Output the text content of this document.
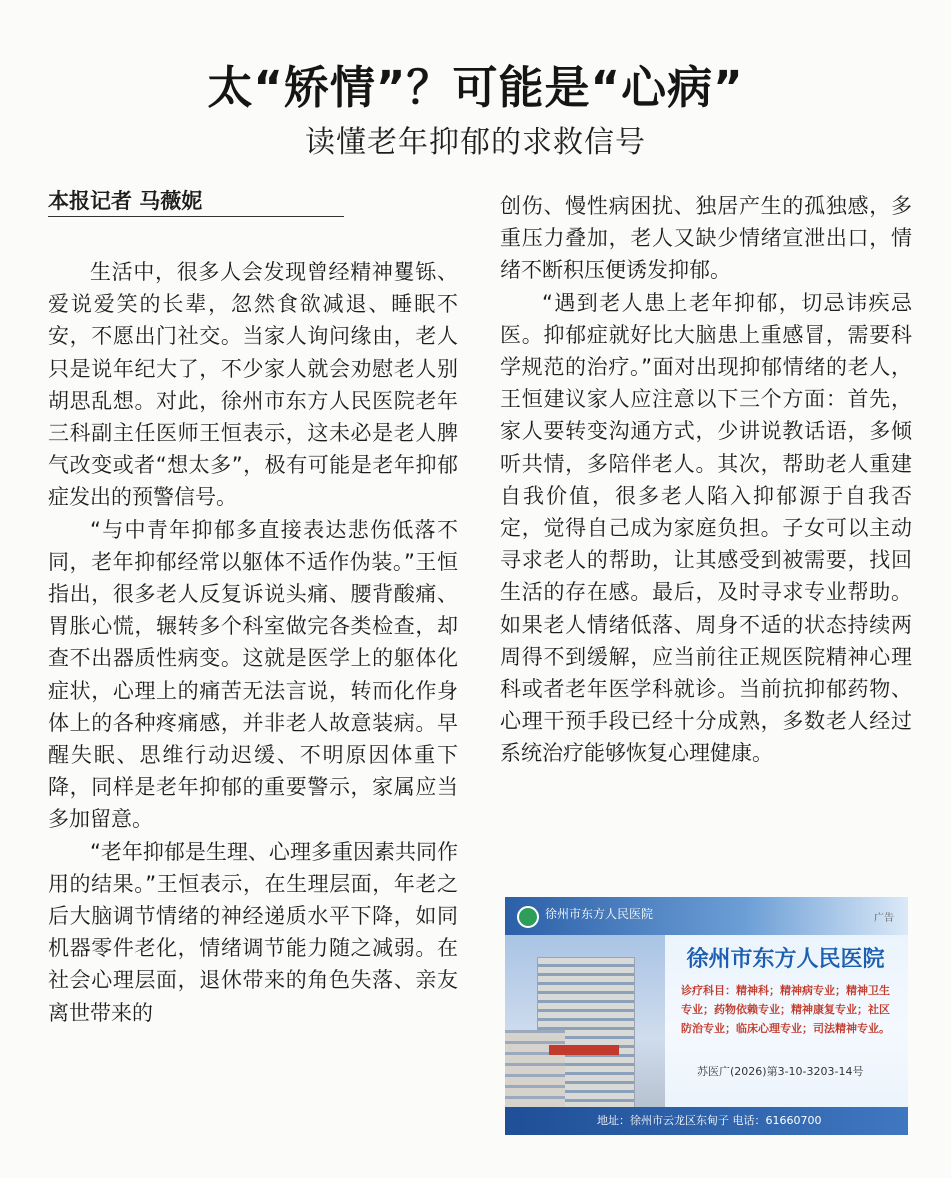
太“矫情”？可能是“心病”
读懂老年抑郁的求救信号
本报记者 马薇妮

生活中，很多人会发现曾经精神矍铄、爱说爱笑的长辈，忽然食欲减退、睡眠不安，不愿出门社交。当家人询问缘由，老人只是说年纪大了，不少家人就会劝慰老人别胡思乱想。对此，徐州市东方人民医院老年三科副主任医师王恒表示，这未必是老人脾气改变或者“想太多”，极有可能是老年抑郁症发出的预警信号。

“与中青年抑郁多直接表达悲伤低落不同，老年抑郁经常以躯体不适作伪装。”王恒指出，很多老人反复诉说头痛、腰背酸痛、胃胀心慌，辗转多个科室做完各类检查，却查不出器质性病变。这就是医学上的躯体化症状，心理上的痛苦无法言说，转而化作身体上的各种疼痛感，并非老人故意装病。早醒失眠、思维行动迟缓、不明原因体重下降，同样是老年抑郁的重要警示，家属应当多加留意。

“老年抑郁是生理、心理多重因素共同作用的结果。”王恒表示，在生理层面，年老之后大脑调节情绪的神经递质水平下降，如同机器零件老化，情绪调节能力随之减弱。在社会心理层面，退休带来的角色失落、亲友离世带来的

创伤、慢性病困扰、独居产生的孤独感，多重压力叠加，老人又缺少情绪宣泄出口，情绪不断积压便诱发抑郁。

“遇到老人患上老年抑郁，切忌讳疾忌医。抑郁症就好比大脑患上重感冒，需要科学规范的治疗。”面对出现抑郁情绪的老人，王恒建议家人应注意以下三个方面：首先，家人要转变沟通方式，少讲说教话语，多倾听共情，多陪伴老人。其次，帮助老人重建自我价值，很多老人陷入抑郁源于自我否定，觉得自己成为家庭负担。子女可以主动寻求老人的帮助，让其感受到被需要，找回生活的存在感。最后，及时寻求专业帮助。如果老人情绪低落、周身不适的状态持续两周得不到缓解，应当前往正规医院精神心理科或者老年医学科就诊。当前抗抑郁药物、心理干预手段已经十分成熟，多数老人经过系统治疗能够恢复心理健康。

徐州市东方人民医院	广告
徐州市东方人民医院
诊疗科目：精神科；精神病专业；精神卫生专业；药物依赖专业；精神康复专业；社区防治专业；临床心理专业；司法精神专业。
苏医广(2026)第3-10-3203-14号
地址：徐州市云龙区东甸子 电话：61660700
